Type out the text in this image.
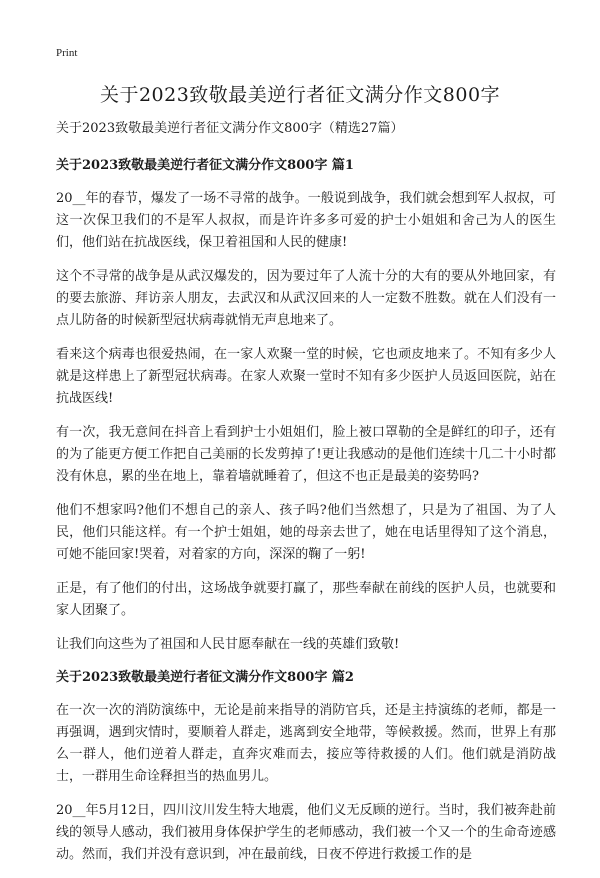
Print
关于2023致敬最美逆行者征文满分作文800字

关于2023致敬最美逆行者征文满分作文800字（精选27篇）

关于2023致敬最美逆行者征文满分作文800字 篇1

20__年的春节，爆发了一场不寻常的战争。一般说到战争，我们就会想到军人叔叔，可这一次保卫我们的不是军人叔叔，而是许许多多可爱的护士小姐姐和舍己为人的医生们，他们站在抗战医线，保卫着祖国和人民的健康!

这个不寻常的战争是从武汉爆发的，因为要过年了人流十分的大有的要从外地回家，有的要去旅游、拜访亲人朋友，去武汉和从武汉回来的人一定数不胜数。就在人们没有一点儿防备的时候新型冠状病毒就悄无声息地来了。

看来这个病毒也很爱热闹，在一家人欢聚一堂的时候，它也顽皮地来了。不知有多少人就是这样患上了新型冠状病毒。在家人欢聚一堂时不知有多少医护人员返回医院，站在抗战医线!

有一次，我无意间在抖音上看到护士小姐姐们，脸上被口罩勒的全是鲜红的印子，还有的为了能更方便工作把自己美丽的长发剪掉了!更让我感动的是他们连续十几二十小时都没有休息，累的坐在地上，靠着墙就睡着了，但这不也正是最美的姿势吗?

他们不想家吗?他们不想自己的亲人、孩子吗?他们当然想了，只是为了祖国、为了人民，他们只能这样。有一个护士姐姐，她的母亲去世了，她在电话里得知了这个消息，可她不能回家!哭着，对着家的方向，深深的鞠了一躬!

正是，有了他们的付出，这场战争就要打赢了，那些奉献在前线的医护人员，也就要和家人团聚了。

让我们向这些为了祖国和人民甘愿奉献在一线的英雄们致敬!

关于2023致敬最美逆行者征文满分作文800字 篇2

在一次一次的消防演练中，无论是前来指导的消防官兵，还是主持演练的老师，都是一再强调，遇到灾情时，要顺着人群走，逃离到安全地带，等候救援。然而，世界上有那么一群人，他们逆着人群走，直奔灾难而去，接应等待救援的人们。他们就是消防战士，一群用生命诠释担当的热血男儿。

20__年5月12日，四川汶川发生特大地震，他们义无反顾的逆行。当时，我们被奔赴前线的领导人感动，我们被用身体保护学生的老师感动，我们被一个又一个的生命奇迹感动。然而，我们并没有意识到，冲在最前线，日夜不停进行救援工作的是
